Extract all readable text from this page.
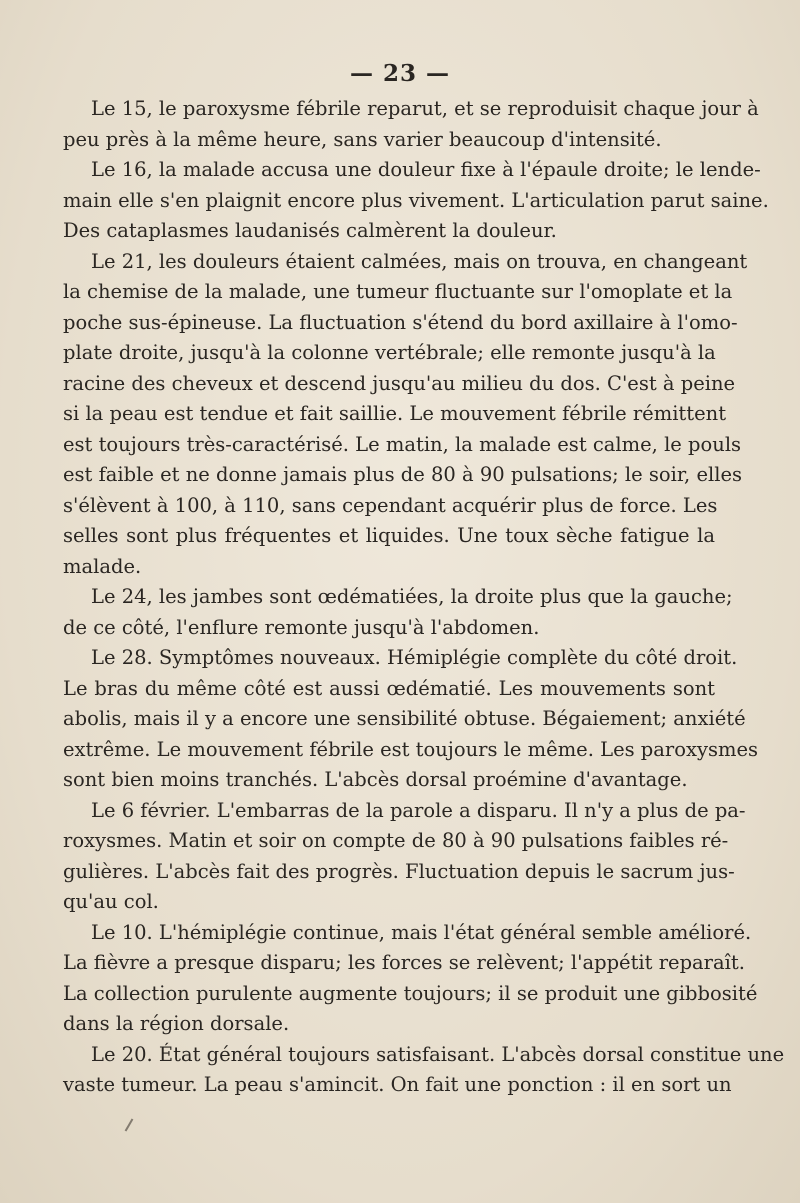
— 23 —
Le 15, le paroxysme fébrile reparut, et se reproduisit chaque jour à
peu près à la même heure, sans varier beaucoup d'intensité.
Le 16, la malade accusa une douleur fixe à l'épaule droite; le lende-
main elle s'en plaignit encore plus vivement. L'articulation parut saine.
Des cataplasmes laudanisés calmèrent la douleur.
Le 21, les douleurs étaient calmées, mais on trouva, en changeant
la chemise de la malade, une tumeur fluctuante sur l'omoplate et la
poche sus-épineuse. La fluctuation s'étend du bord axillaire à l'omo-
plate droite, jusqu'à la colonne vertébrale; elle remonte jusqu'à la
racine des cheveux et descend jusqu'au milieu du dos. C'est à peine
si la peau est tendue et fait saillie. Le mouvement fébrile rémittent
est toujours très-caractérisé. Le matin, la malade est calme, le pouls
est faible et ne donne jamais plus de 80 à 90 pulsations; le soir, elles
s'élèvent à 100, à 110, sans cependant acquérir plus de force. Les
selles sont plus fréquentes et liquides. Une toux sèche fatigue la
malade.
Le 24, les jambes sont œdématiées, la droite plus que la gauche;
de ce côté, l'enflure remonte jusqu'à l'abdomen.
Le 28. Symptômes nouveaux. Hémiplégie complète du côté droit.
Le bras du même côté est aussi œdématié. Les mouvements sont
abolis, mais il y a encore une sensibilité obtuse. Bégaiement; anxiété
extrême. Le mouvement fébrile est toujours le même. Les paroxysmes
sont bien moins tranchés. L'abcès dorsal proémine d'avantage.
Le 6 février. L'embarras de la parole a disparu. Il n'y a plus de pa-
roxysmes. Matin et soir on compte de 80 à 90 pulsations faibles ré-
gulières. L'abcès fait des progrès. Fluctuation depuis le sacrum jus-
qu'au col.
Le 10. L'hémiplégie continue, mais l'état général semble amélioré.
La fièvre a presque disparu; les forces se relèvent; l'appétit reparaît.
La collection purulente augmente toujours; il se produit une gibbosité
dans la région dorsale.
Le 20. État général toujours satisfaisant. L'abcès dorsal constitue une
vaste tumeur. La peau s'amincit. On fait une ponction : il en sort un
